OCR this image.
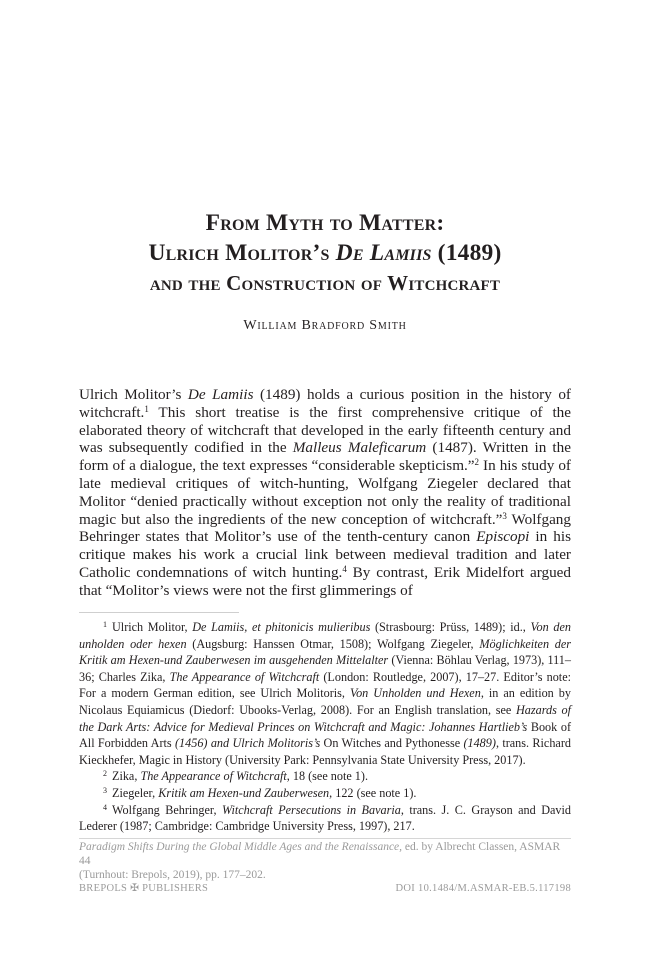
From Myth to Matter:
Ulrich Molitor’s De Lamiis (1489)
and the Construction of Witchcraft
William Bradford Smith
Ulrich Molitor’s De Lamiis (1489) holds a curious position in the history of witchcraft.$^1$ This short treatise is the first comprehensive critique of the elaborated theory of witchcraft that developed in the early fifteenth century and was subsequently codified in the Malleus Maleficarum (1487). Written in the form of a dialogue, the text expresses “considerable skepticism.”$^2$ In his study of late medieval critiques of witch-hunting, Wolfgang Ziegeler declared that Molitor “denied practically without exception not only the reality of traditional magic but also the ingredients of the new conception of witchcraft.”$^3$ Wolfgang Behringer states that Molitor’s use of the tenth-century canon Episcopi in his critique makes his work a crucial link between medieval tradition and later Catholic condemnations of witch hunting.$^4$ By contrast, Erik Midelfort argued that “Molitor’s views were not the first glimmerings of

$^1$ Ulrich Molitor, De Lamiis, et phitonicis mulieribus (Strasbourg: Prüss, 1489); id., Von den unholden oder hexen (Augsburg: Hanssen Otmar, 1508); Wolfgang Ziegeler, Möglichkeiten der Kritik am Hexen-und Zauberwesen im ausgehenden Mittelalter (Vienna: Böhlau Verlag, 1973), 111–36; Charles Zika, The Appearance of Witchcraft (London: Routledge, 2007), 17–27. Editor’s note: For a modern German edition, see Ulrich Molitoris, Von Unholden und Hexen, in an edition by Nicolaus Equiamicus (Diedorf: Ubooks-Verlag, 2008). For an English translation, see Hazards of the Dark Arts: Advice for Medieval Princes on Witchcraft and Magic: Johannes Hartlieb’s Book of All Forbidden Arts (1456) and Ulrich Molitoris’s On Witches and Pythonesse (1489), trans. Richard Kieckhefer, Magic in History (University Park: Pennsylvania State University Press, 2017).

$^2$ Zika, The Appearance of Witchcraft, 18 (see note 1).

$^3$ Ziegeler, Kritik am Hexen-und Zauberwesen, 122 (see note 1).

$^4$ Wolfgang Behringer, Witchcraft Persecutions in Bavaria, trans. J. C. Grayson and David Lederer (1987; Cambridge: Cambridge University Press, 1997), 217.

Paradigm Shifts During the Global Middle Ages and the Renaissance, ed. by Albrecht Classen, ASMAR 44
(Turnhout: Brepols, 2019), pp. 177–202.
BREPOLS ✠ PUBLISHERS	DOI 10.1484/M.ASMAR-EB.5.117198
